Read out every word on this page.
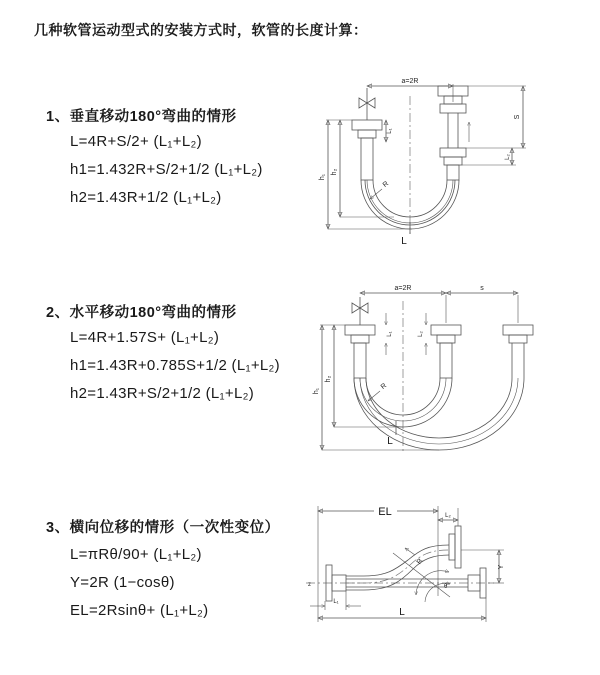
几种软管运动型式的安装方式时，软管的长度计算：
1、垂直移动180°弯曲的情形
L=4R+S/2+ (L₁+L₂)
h1=1.432R+S/2+1/2 (L₁+L₂)
h2=1.43R+1/2 (L₁+L₂)
2、水平移动180°弯曲的情形
L=4R+1.57S+ (L₁+L₂)
h1=1.43R+0.785S+1/2 (L₁+L₂)
h2=1.43R+S/2+1/2 (L₁+L₂)
3、横向位移的情形（一次性变位）
L=πRθ/90+ (L₁+L₂)
Y=2R (1−cosθ)
EL=2Rsinθ+ (L₁+L₂)
a=2R
R
h₁
h₂
L₁
S
L₂
L
a=2R	s
R
h₁
h₂
L₁	L₂
L
z
EL	L₂
θ
R
Y
L₁
L
